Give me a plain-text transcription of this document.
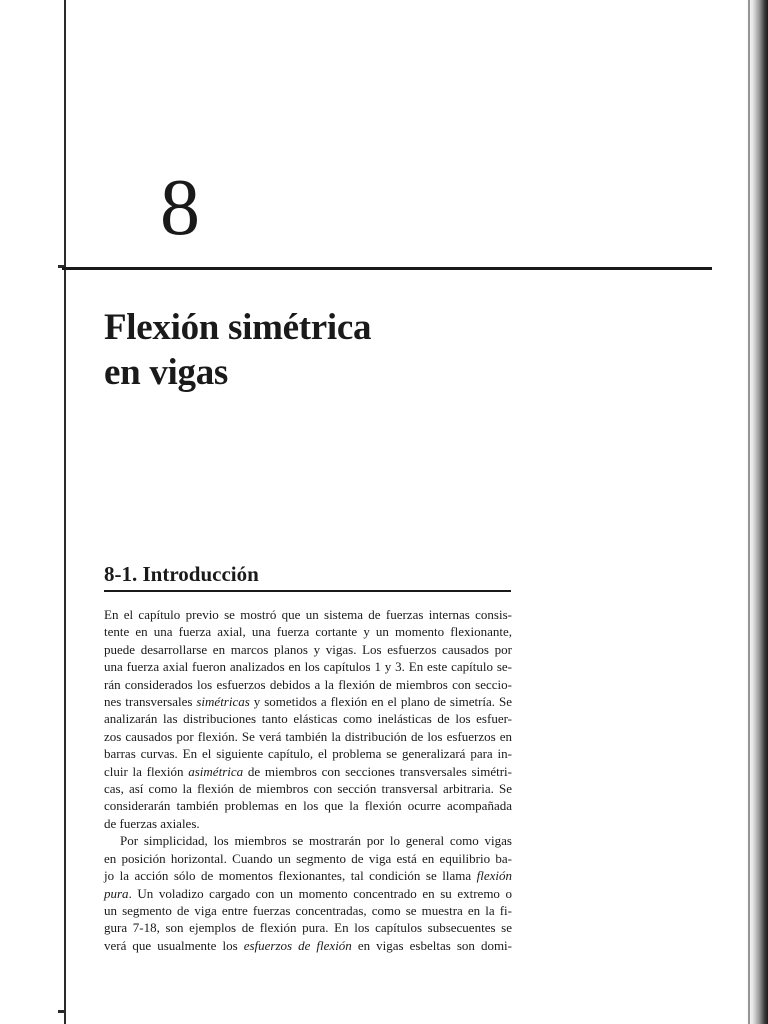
8
Flexión simétrica
en vigas
8-1. Introducción

En el capítulo previo se mostró que un sistema de fuerzas internas consis-
tente en una fuerza axial, una fuerza cortante y un momento flexionante,
puede desarrollarse en marcos planos y vigas. Los esfuerzos causados por
una fuerza axial fueron analizados en los capítulos 1 y 3. En este capítulo se-
rán considerados los esfuerzos debidos a la flexión de miembros con seccio-
nes transversales simétricas y sometidos a flexión en el plano de simetría. Se
analizarán las distribuciones tanto elásticas como inelásticas de los esfuer-
zos causados por flexión. Se verá también la distribución de los esfuerzos en
barras curvas. En el siguiente capítulo, el problema se generalizará para in-
cluir la flexión asimétrica de miembros con secciones transversales simétri-
cas, así como la flexión de miembros con sección transversal arbitraria. Se
considerarán también problemas en los que la flexión ocurre acompañada
de fuerzas axiales.

Por simplicidad, los miembros se mostrarán por lo general como vigas
en posición horizontal. Cuando un segmento de viga está en equilibrio ba-
jo la acción sólo de momentos flexionantes, tal condición se llama flexión
pura. Un voladizo cargado con un momento concentrado en su extremo o
un segmento de viga entre fuerzas concentradas, como se muestra en la fi-
gura 7-18, son ejemplos de flexión pura. En los capítulos subsecuentes se
verá que usualmente los esfuerzos de flexión en vigas esbeltas son domi-
